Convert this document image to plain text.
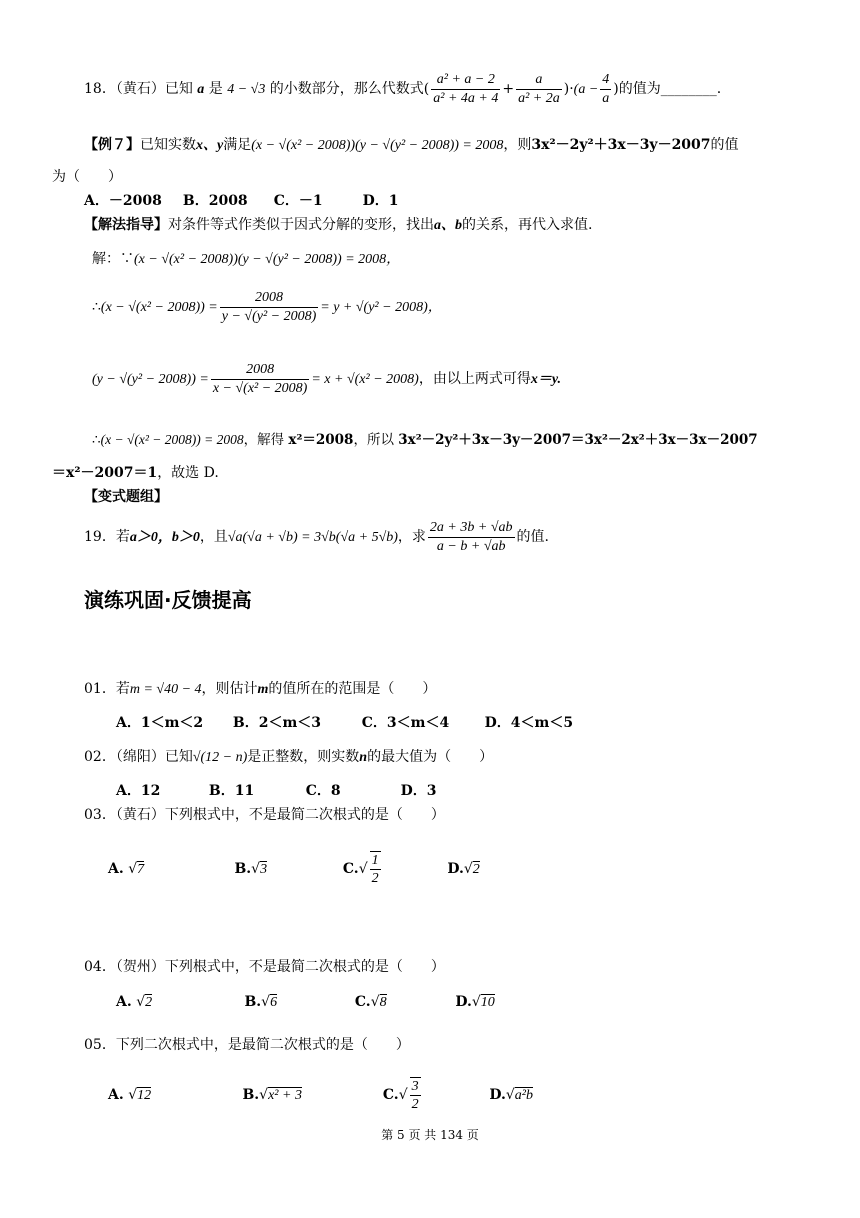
18．（黄石）已知 a 是 4 − √3 的小数部分，那么代数式( $\frac{\text{a² + a − 2}}{\text{a² + 4a + 4}} + \frac{a}{\text{a² + 2a}} )\cdot(a - \frac{4}{a}$ )的值为________.
【例７】已知实数x、y满足(x − √(x² − 2008))(y − √(y² − 2008)) = 2008，则3x²－2y²＋3x－3y－2007的值
为（　　）
A．－2008 B．2008 C．－1	D．1
【解法指导】对条件等式作类似于因式分解的变形，找出a、b的关系，再代入求值.
解：∵(x − √(x² − 2008))(y − √(y² − 2008)) = 2008，
∴(x − $√(x^2 - 2008)) = \frac{2008}{\text{y − √(y² − 2008)}} = y + √(y^2 - 2008)$，
$(y - √(y^2 - 2008)) = \frac{2008}{\text{x − √(x² − 2008)}} = x + √(x^2 - 2008)$，由以上两式可得x＝y.
∴(x − √(x² − 2008)) = 2008，解得 x²＝2008，所以 3x²－2y²＋3x－3y－2007＝3x²－2x²＋3x－3x－2007
＝x²－2007＝1，故选 D.
【变式题组】
19．若a＞0，b＞0，且√a(√a + √b) = 3√b(√a + 5√b)，求 $\frac{2a + 3b + √ab}{a - b + √ab}$ 的值.
演练巩固·反馈提高
01．若m = √40 − 4，则估计m的值所在的范围是（　　）
A．1＜m＜2 B．2＜m＜3	C．3＜m＜4	D．4＜m＜5
02．（绵阳）已知√(12 − n)是正整数，则实数n的最大值为（　　）
A．12	B．11	C．8	D．3
03．（黄石）下列根式中，不是最简二次根式的是（　　）
A. √7	B.√3	$C.√ \frac{1}{2}$	D.√2
04．（贺州）下列根式中，不是最简二次根式的是（　　）
A. √2	B.√6	C.√8	D.√10
05．下列二次根式中，是最简二次根式的是（　　）
A. √12	B.√x² + 3	$C.√ \frac{3}{2}$	D.√a²b
第 5 页 共 134 页
